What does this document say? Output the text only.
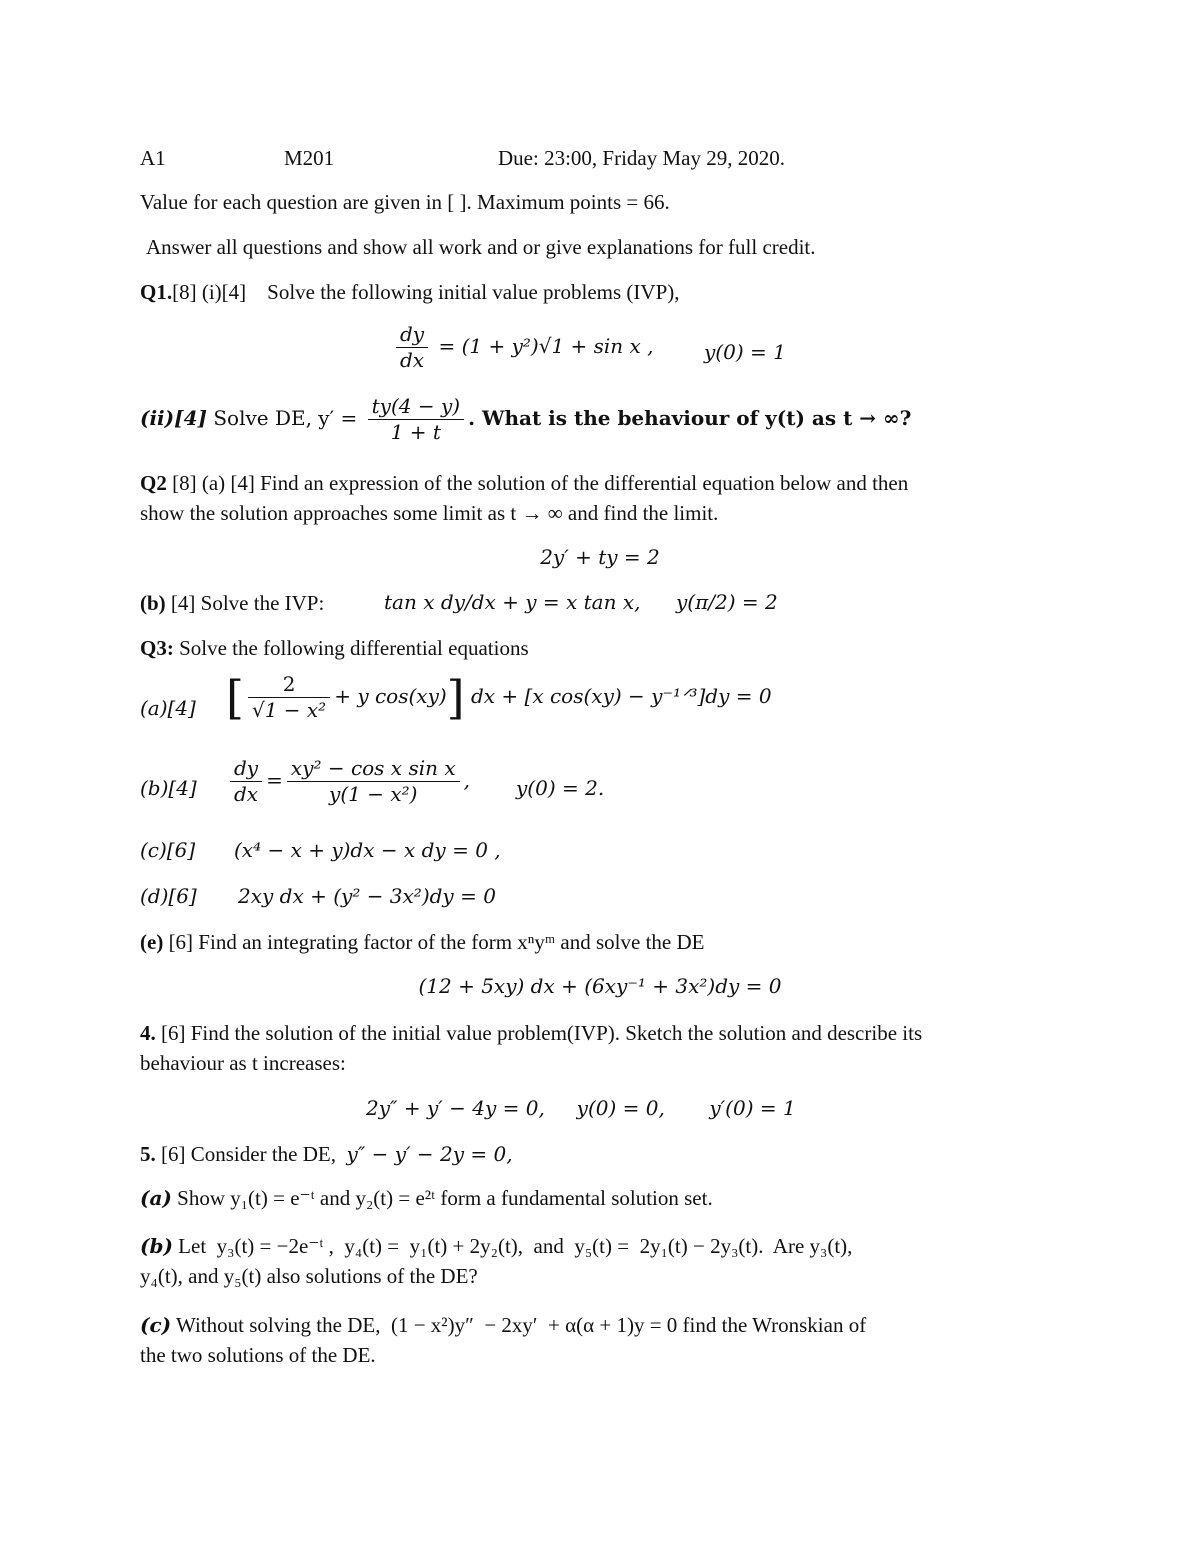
A1	M201	Due: 23:00, Friday May 29, 2020.
Value for each question are given in [ ]. Maximum points = 66.
Answer all questions and show all work and or give explanations for full credit.
Q1.[8] (i)[4] Solve the following initial value problems (IVP),
$\frac{dy}{dx} = (1 + y^2)√1 + \sin x$ ,	y(0) = 1
(ii)[4] Solve DE, $y' = \frac{ty(4 - y)}{1 + t}$ . What is the behaviour of y(t) as t → ∞?
Q2 [8] (a) [4] Find an expression of the solution of the differential equation below and then
show the solution approaches some limit as t → ∞ and find the limit.
2y′ + ty = 2
(b) [4] Solve the IVP:	tan x dy/dx + y = x tan x, y(π/2) = 2
Q3: Solve the following differential equations
(a)[4] [ $\frac{2}{\text{√1 − x²}} + y$ cos(xy)] dx + [x cos(xy) − y⁻¹ᐟ³]dy = 0
$(b)[4] \frac{dy}{dx} = \frac{\text{xy² − cos x sin x}}{\text{y(1 − x²)}}$ , y(0) = 2.
(c)[6] (x⁴ − x + y)dx − x dy = 0 ,
(d)[6] 2xy dx + (y² − 3x²)dy = 0
(e) [6] Find an integrating factor of the form xⁿyᵐ and solve the DE
(12 + 5xy) dx + (6xy⁻¹ + 3x²)dy = 0
4. [6] Find the solution of the initial value problem(IVP). Sketch the solution and describe its
behaviour as t increases:
2y″ + y′ − 4y = 0,     y(0) = 0,       y′(0) = 1
5. [6] Consider the DE, y″ − y′ − 2y = 0,
(a) Show y₁(t) = e⁻ᵗ and y₂(t) = e²ᵗ form a fundamental solution set.
(b) Let  y₃(t) = −2e⁻ᵗ ,  y₄(t) =  y₁(t) + 2y₂(t),  and  y₅(t) =  2y₁(t) − 2y₃(t).  Are y₃(t),
y₄(t), and y₅(t) also solutions of the DE?
(c) Without solving the DE,  (1 − x²)y″  − 2xy′  + α(α + 1)y = 0 find the Wronskian of
the two solutions of the DE.
